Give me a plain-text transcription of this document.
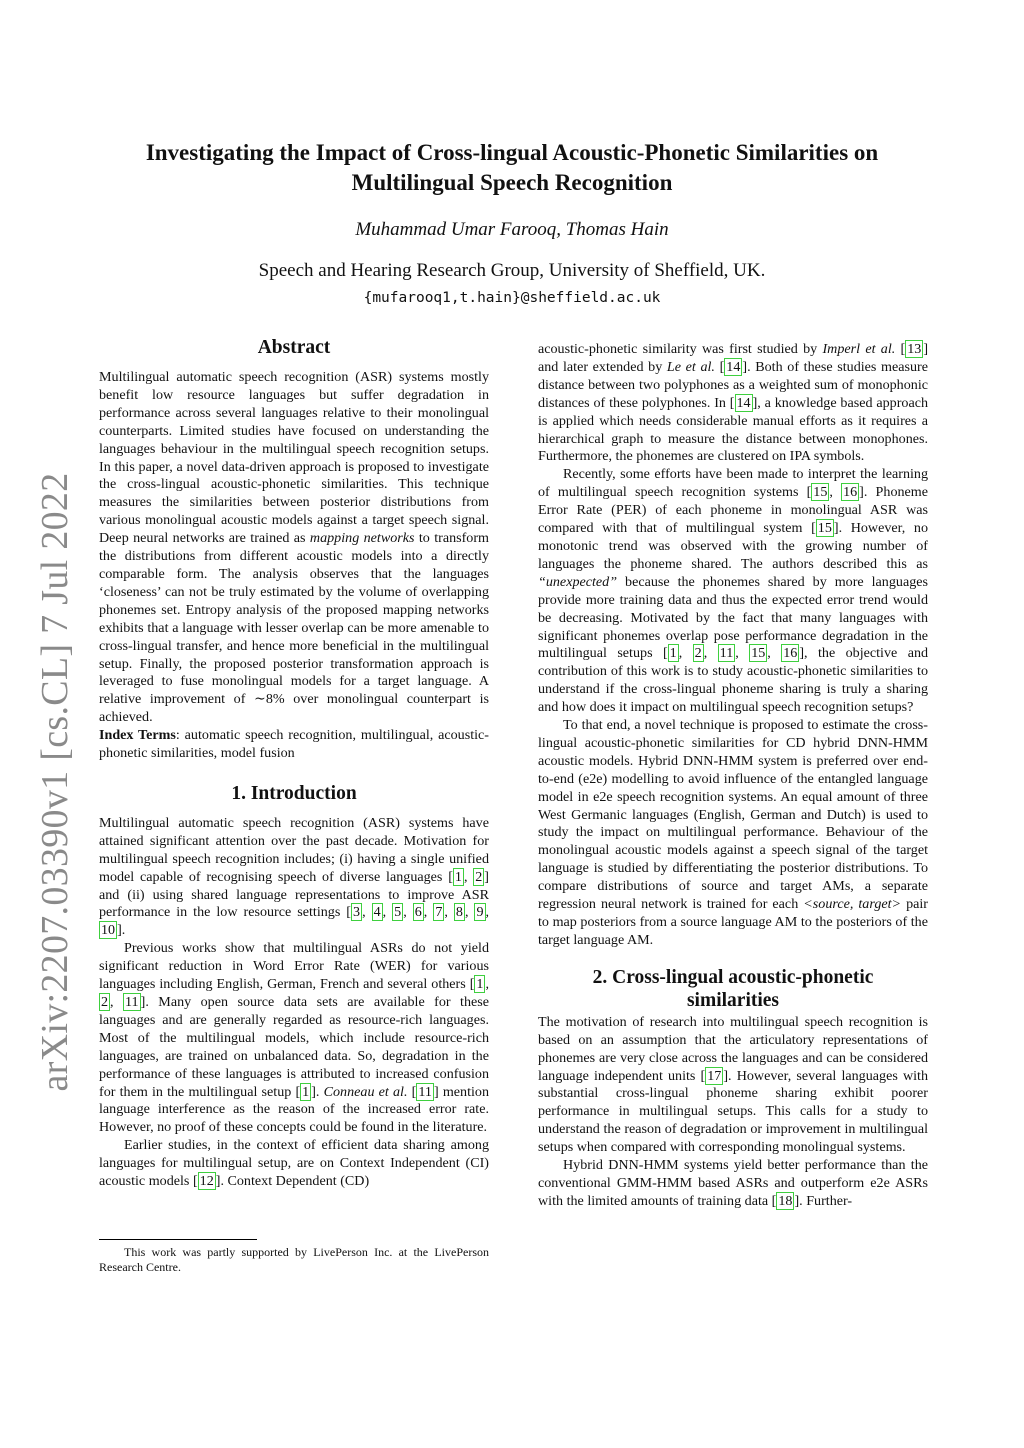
arXiv:2207.03390v1 [cs.CL] 7 Jul 2022
Investigating the Impact of Cross-lingual Acoustic-Phonetic Similarities on
Multilingual Speech Recognition
Muhammad Umar Farooq, Thomas Hain
Speech and Hearing Research Group, University of Sheffield, UK.
{mufarooq1,t.hain}@sheffield.ac.uk
Abstract

Multilingual automatic speech recognition (ASR) systems mostly benefit low resource languages but suffer degradation in performance across several languages relative to their monolingual counterparts. Limited studies have focused on understanding the languages behaviour in the multilingual speech recognition setups. In this paper, a novel data-driven approach is proposed to investigate the cross-lingual acoustic-phonetic similarities. This technique measures the similarities between posterior distributions from various monolingual acoustic models against a target speech signal. Deep neural networks are trained as mapping networks to transform the distributions from different acoustic models into a directly comparable form. The analysis observes that the languages ‘closeness’ can not be truly estimated by the volume of overlapping phonemes set. Entropy analysis of the proposed mapping networks exhibits that a language with lesser overlap can be more amenable to cross-lingual transfer, and hence more beneficial in the multilingual setup. Finally, the proposed posterior transformation approach is leveraged to fuse monolingual models for a target language. A relative improvement of ∼8% over monolingual counterpart is achieved.

Index Terms: automatic speech recognition, multilingual, acoustic-phonetic similarities, model fusion

1. Introduction

Multilingual automatic speech recognition (ASR) systems have attained significant attention over the past decade. Motivation for multilingual speech recognition includes; (i) having a single unified model capable of recognising speech of diverse languages [ 1 , 2 ] and (ii) using shared language representations to improve ASR performance in the low resource settings [ 3 , 4 , 5 , 6 , 7 , 8 , 9 , 10 ].

Previous works show that multilingual ASRs do not yield significant reduction in Word Error Rate (WER) for various languages including English, German, French and several others [ 1 , 2 , 11 ]. Many open source data sets are available for these languages and are generally regarded as resource-rich languages. Most of the multilingual models, which include resource-rich languages, are trained on unbalanced data. So, degradation in the performance of these languages is attributed to increased confusion for them in the multilingual setup [ 1 ]. Conneau et al. [ 11 ] mention language interference as the reason of the increased error rate. However, no proof of these concepts could be found in the literature.

Earlier studies, in the context of efficient data sharing among languages for multilingual setup, are on Context Independent (CI) acoustic models [ 12 ]. Context Dependent (CD)

This work was partly supported by LivePerson Inc. at the LivePerson Research Centre.

acoustic-phonetic similarity was first studied by Imperl et al. [ 13 ] and later extended by Le et al. [ 14 ]. Both of these studies measure distance between two polyphones as a weighted sum of monophonic distances of these polyphones. In [ 14 ], a knowledge based approach is applied which needs considerable manual efforts as it requires a hierarchical graph to measure the distance between monophones. Furthermore, the phonemes are clustered on IPA symbols.

Recently, some efforts have been made to interpret the learning of multilingual speech recognition systems [ 15 , 16 ]. Phoneme Error Rate (PER) of each phoneme in monolingual ASR was compared with that of multilingual system [ 15 ]. However, no monotonic trend was observed with the growing number of languages the phoneme shared. The authors described this as “unexpected” because the phonemes shared by more languages provide more training data and thus the expected error trend would be decreasing. Motivated by the fact that many languages with significant phonemes overlap pose performance degradation in the multilingual setups [ 1 , 2 , 11 , 15 , 16 ], the objective and contribution of this work is to study acoustic-phonetic similarities to understand if the cross-lingual phoneme sharing is truly a sharing and how does it impact on multilingual speech recognition setups?

To that end, a novel technique is proposed to estimate the cross-lingual acoustic-phonetic similarities for CD hybrid DNN-HMM acoustic models. Hybrid DNN-HMM system is preferred over end-to-end (e2e) modelling to avoid influence of the entangled language model in e2e speech recognition systems. An equal amount of three West Germanic languages (English, German and Dutch) is used to study the impact on multilingual performance. Behaviour of the monolingual acoustic models against a speech signal of the target language is studied by differentiating the posterior distributions. To compare distributions of source and target AMs, a separate regression neural network is trained for each <source, target> pair to map posteriors from a source language AM to the posteriors of the target language AM.

2. Cross-lingual acoustic-phonetic
similarities

The motivation of research into multilingual speech recognition is based on an assumption that the articulatory representations of phonemes are very close across the languages and can be considered language independent units [ 17 ]. However, several languages with substantial cross-lingual phoneme sharing exhibit poorer performance in multilingual setups. This calls for a study to understand the reason of degradation or improvement in multilingual setups when compared with corresponding monolingual systems.

Hybrid DNN-HMM systems yield better performance than the conventional GMM-HMM based ASRs and outperform e2e ASRs with the limited amounts of training data [ 18 ]. Further-
